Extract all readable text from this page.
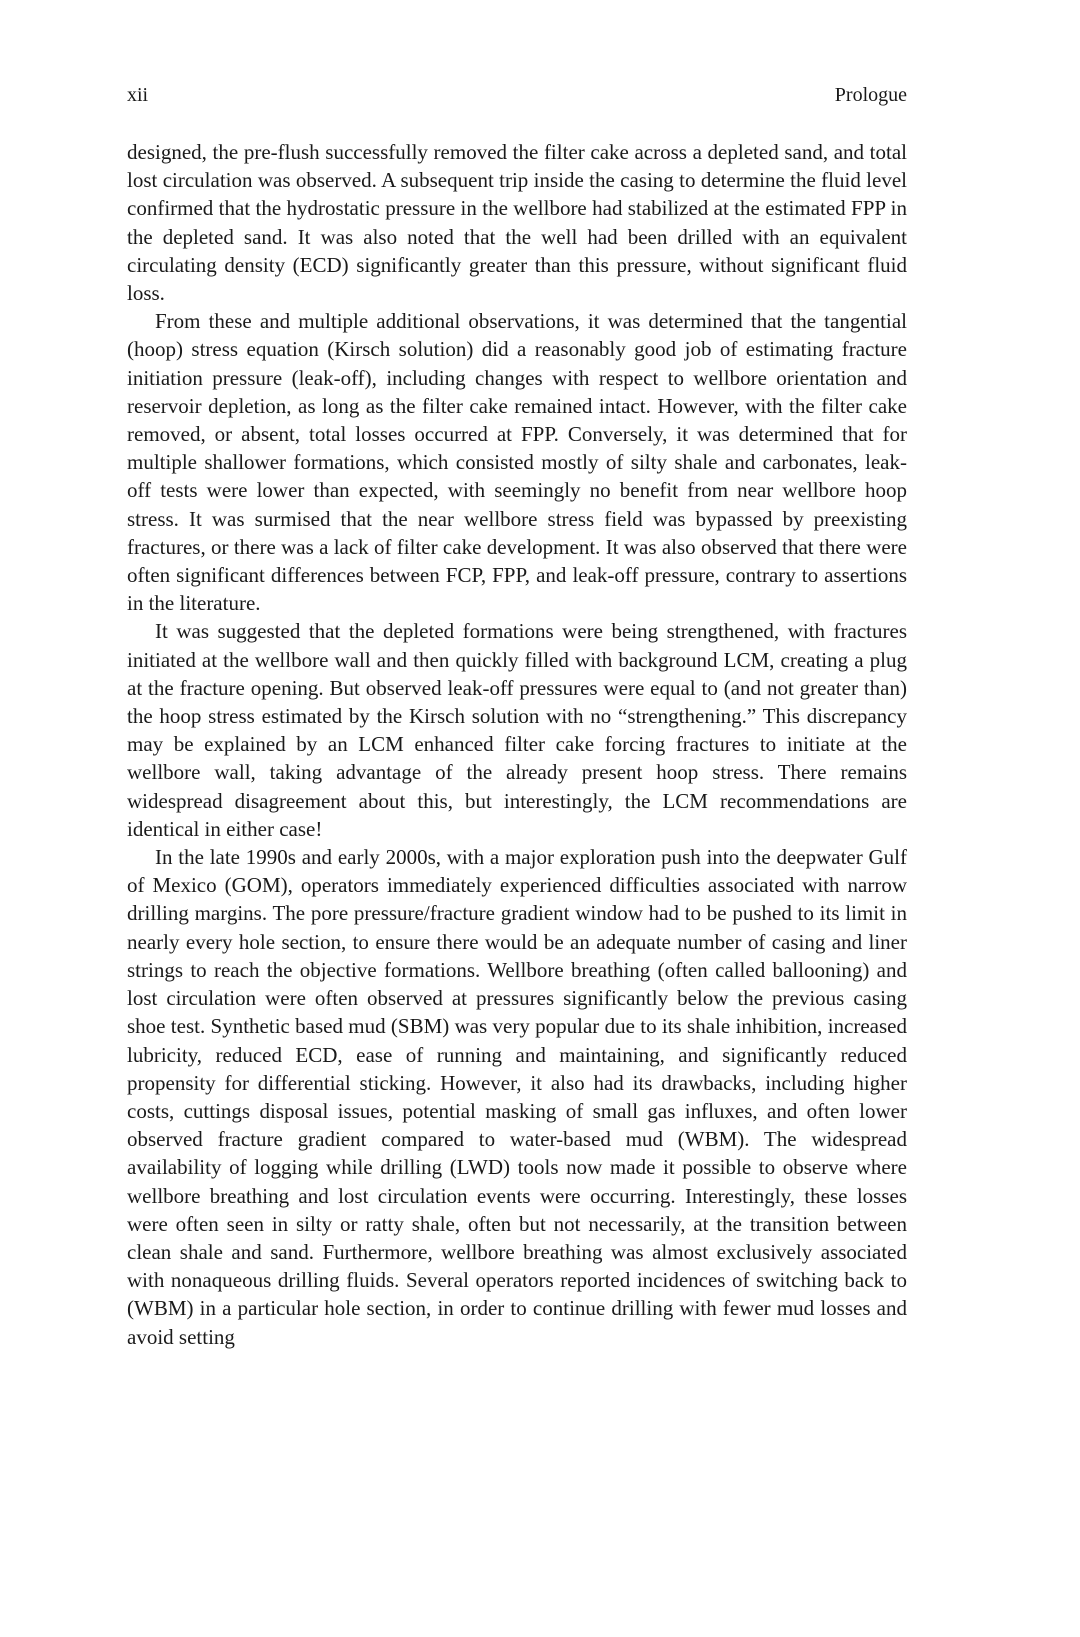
xii	Prologue

designed, the pre-flush successfully removed the filter cake across a depleted sand, and total lost circulation was observed. A subsequent trip inside the casing to determine the fluid level confirmed that the hydrostatic pressure in the wellbore had stabilized at the estimated FPP in the depleted sand. It was also noted that the well had been drilled with an equivalent circulating density (ECD) significantly greater than this pressure, without significant fluid loss.

From these and multiple additional observations, it was determined that the tangential (hoop) stress equation (Kirsch solution) did a reasonably good job of estimating fracture initiation pressure (leak-off), including changes with respect to wellbore orientation and reservoir depletion, as long as the filter cake remained intact. However, with the filter cake removed, or absent, total losses occurred at FPP. Conversely, it was determined that for multiple shallower formations, which consisted mostly of silty shale and carbonates, leak-off tests were lower than expected, with seemingly no benefit from near wellbore hoop stress. It was surmised that the near wellbore stress field was bypassed by preexisting fractures, or there was a lack of filter cake development. It was also observed that there were often significant differences between FCP, FPP, and leak-off pressure, contrary to assertions in the literature.

It was suggested that the depleted formations were being strengthened, with fractures initiated at the wellbore wall and then quickly filled with background LCM, creating a plug at the fracture opening. But observed leak-off pressures were equal to (and not greater than) the hoop stress estimated by the Kirsch solution with no “strengthening.” This discrepancy may be explained by an LCM enhanced filter cake forcing fractures to initiate at the wellbore wall, taking advantage of the already present hoop stress. There remains widespread disagreement about this, but interestingly, the LCM recommendations are identical in either case!

In the late 1990s and early 2000s, with a major exploration push into the deepwater Gulf of Mexico (GOM), operators immediately experienced difficulties associated with narrow drilling margins. The pore pressure/fracture gradient window had to be pushed to its limit in nearly every hole section, to ensure there would be an adequate number of casing and liner strings to reach the objective formations. Wellbore breathing (often called ballooning) and lost circulation were often observed at pressures significantly below the previous casing shoe test. Synthetic based mud (SBM) was very popular due to its shale inhibition, increased lubricity, reduced ECD, ease of running and maintaining, and significantly reduced propensity for differential sticking. However, it also had its drawbacks, including higher costs, cuttings disposal issues, potential masking of small gas influxes, and often lower observed fracture gradient compared to water-based mud (WBM). The widespread availability of logging while drilling (LWD) tools now made it possible to observe where wellbore breathing and lost circulation events were occurring. Interestingly, these losses were often seen in silty or ratty shale, often but not necessarily, at the transition between clean shale and sand. Furthermore, wellbore breathing was almost exclusively associated with nonaqueous drilling fluids. Several operators reported incidences of switching back to (WBM) in a particular hole section, in order to continue drilling with fewer mud losses and avoid setting
